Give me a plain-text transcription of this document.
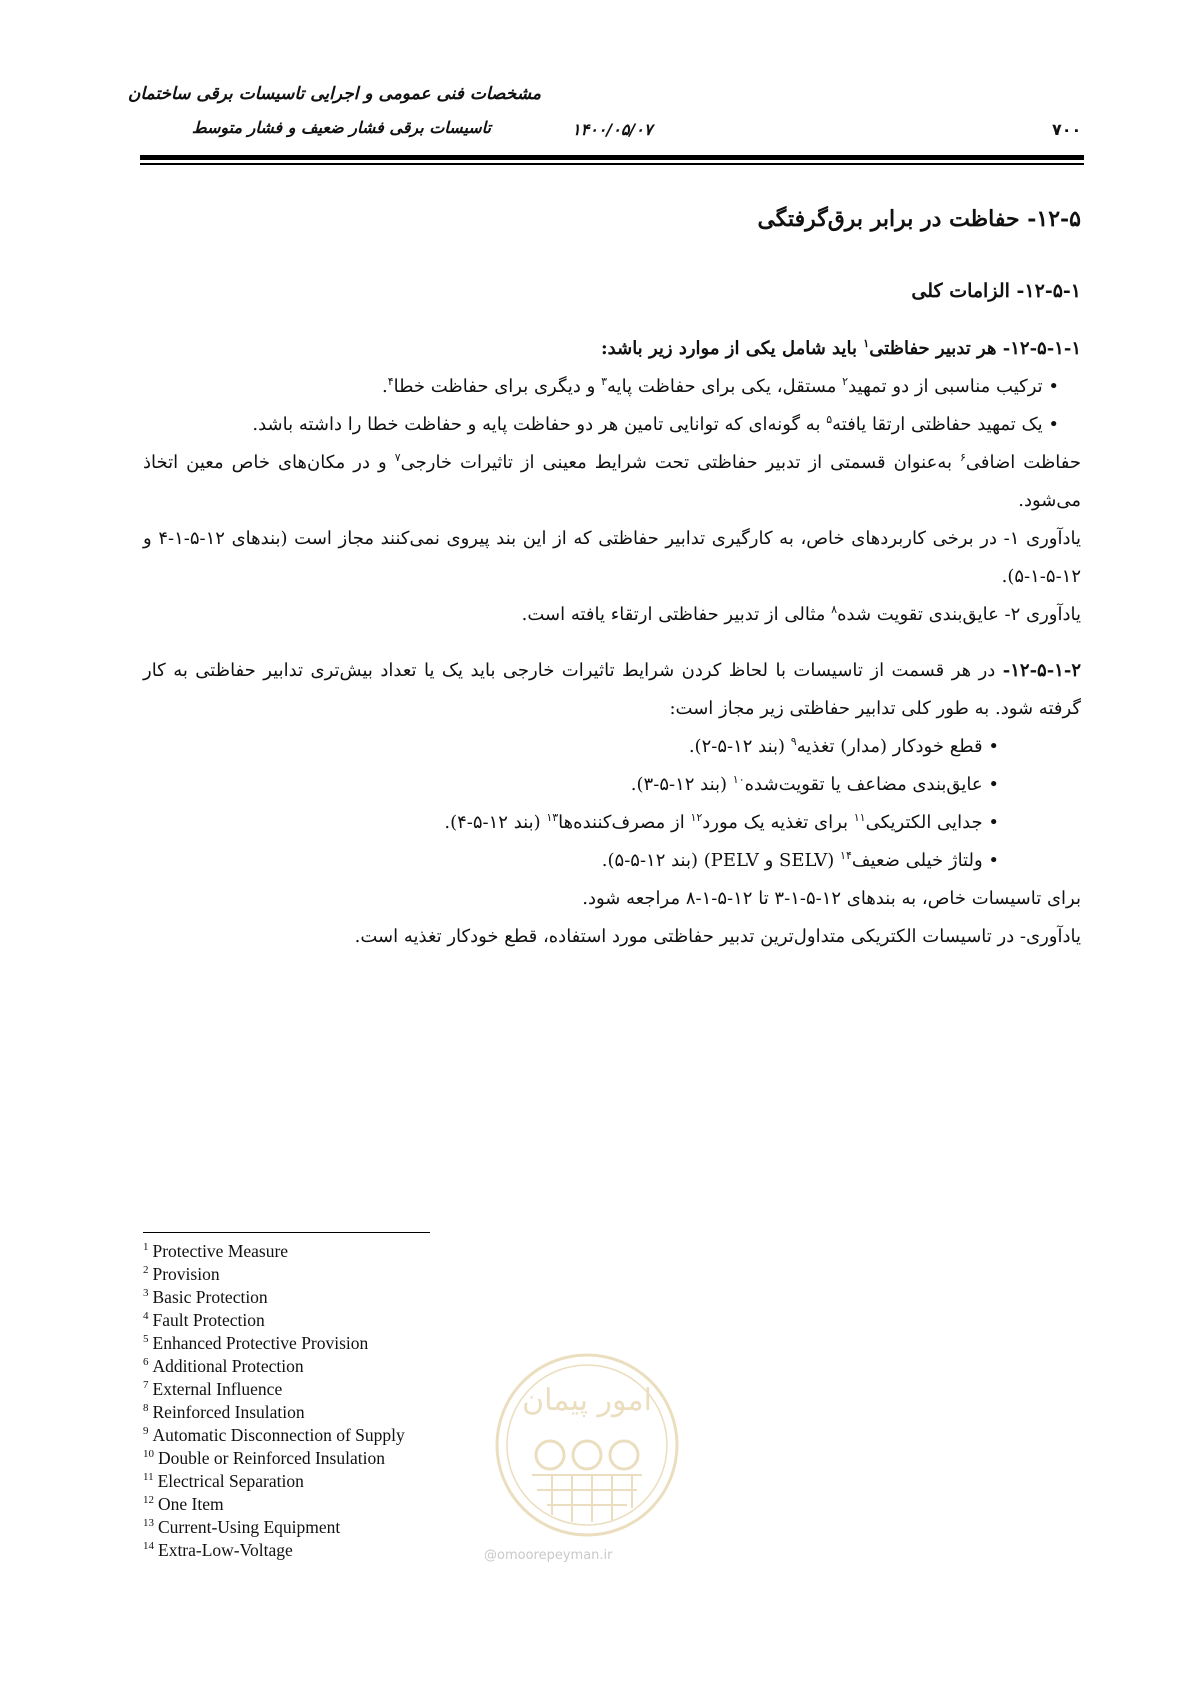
مشخصات فنی عمومی و اجرایی تاسیسات برقی ساختمان
تاسیسات برقی فشار ضعیف و فشار متوسط	۱۴۰۰/۰۵/۰۷	۷۰۰

۱۲-۵- حفاظت در برابر برق‌گرفتگی

۱۲-۵-۱- الزامات کلی

۱۲-۵-۱-۱- هر تدبیر حفاظتی$^۱$ باید شامل یکی از موارد زیر باشد:

• ترکیب مناسبی از دو تمهید$^۲$ مستقل، یکی برای حفاظت پایه$^۳$ و دیگری برای حفاظت خطا$^۴$.

• یک تمهید حفاظتی ارتقا یافته$^۵$ به گونه‌ای که توانایی تامین هر دو حفاظت پایه و حفاظت خطا را داشته باشد.

حفاظت اضافی$^۶$ به‌عنوان قسمتی از تدبیر حفاظتی تحت شرایط معینی از تاثیرات خارجی$^۷$ و در مکان‌های خاص معین اتخاذ می‌شود.

یادآوری ۱- در برخی کاربردهای خاص، به کارگیری تدابیر حفاظتی که از این بند پیروی نمی‌کنند مجاز است (بندهای ۱۲-۵-۱-۴ و ۱۲-۵-۱-۵).

یادآوری ۲- عایق‌بندی تقویت شده$^۸$ مثالی از تدبیر حفاظتی ارتقاء یافته است.

۱۲-۵-۱-۲- در هر قسمت از تاسیسات با لحاظ کردن شرایط تاثیرات خارجی باید یک یا تعداد بیش‌تری تدابیر حفاظتی به کار گرفته شود. به طور کلی تدابیر حفاظتی زیر مجاز است:

• قطع خودکار (مدار) تغذیه$^۹$ (بند ۱۲-۵-۲).

• عایق‌بندی مضاعف یا تقویت‌شده$^{۱۰}$ (بند ۱۲-۵-۳).

• جدایی الکتریکی$^{۱۱}$ برای تغذیه یک مورد$^{۱۲}$ از مصرف‌کننده‌ها$^{۱۳}$ (بند ۱۲-۵-۴).

• ولتاژ خیلی ضعیف$^{۱۴}$ (SELV و PELV) (بند ۱۲-۵-۵).

برای تاسیسات خاص، به بندهای ۱۲-۵-۱-۳ تا ۱۲-۵-۱-۸ مراجعه شود.

یادآوری- در تاسیسات الکتریکی متداول‌ترین تدبیر حفاظتی مورد استفاده، قطع خودکار تغذیه است.

$^1$ Protective Measure
$^2$ Provision
$^3$ Basic Protection
$^4$ Fault Protection
$^5$ Enhanced Protective Provision
$^6$ Additional Protection
$^7$ External Influence
$^8$ Reinforced Insulation
$^9$ Automatic Disconnection of Supply
$^{10}$ Double or Reinforced Insulation
$^{11}$ Electrical Separation
$^{12}$ One Item
$^{13}$ Current-Using Equipment
$^{14}$ Extra-Low-Voltage
امور پیمان
@omoorepeyman.ir
